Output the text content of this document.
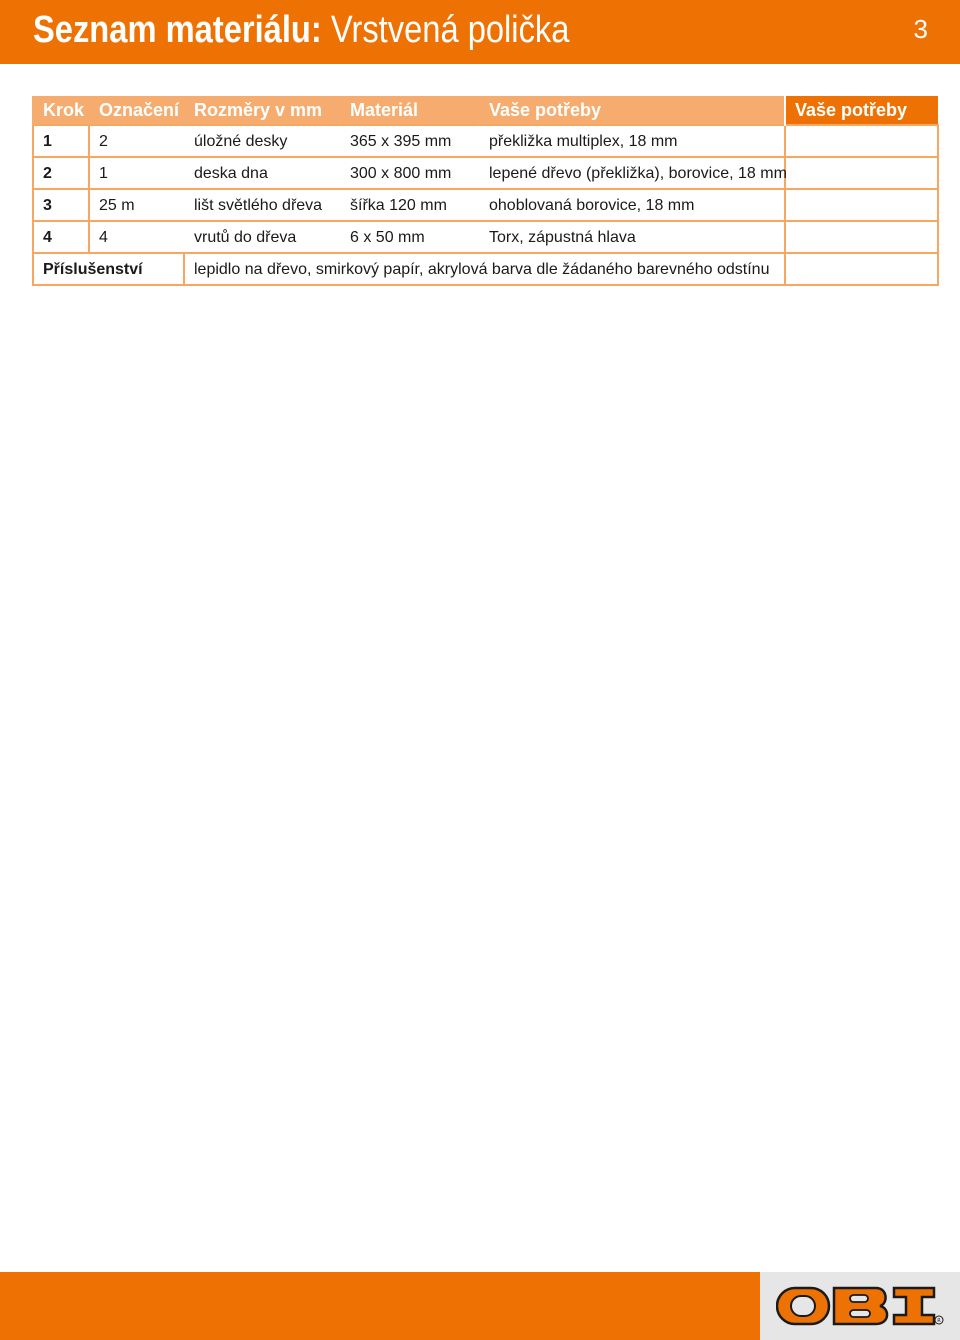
Seznam materiálu: Vrstvená polička	3
Krok	Označení	Rozměry v mm	Materiál	Vaše potřeby	Vaše potřeby
1	2	úložné desky	365 x 395 mm	překližka multiplex, 18 mm	
2	1	deska dna	300 x 800 mm	lepené dřevo (překližka), borovice, 18 mm	
3	25 m	lišt světlého dřeva	šířka 120 mm	ohoblovaná borovice, 18 mm	
4	4	vrutů do dřeva	6 x 50 mm	Torx, zápustná hlava	
Příslušenství		lepidlo na dřevo, smirkový papír, akrylová barva dle žádaného barevného odstínu			
R
